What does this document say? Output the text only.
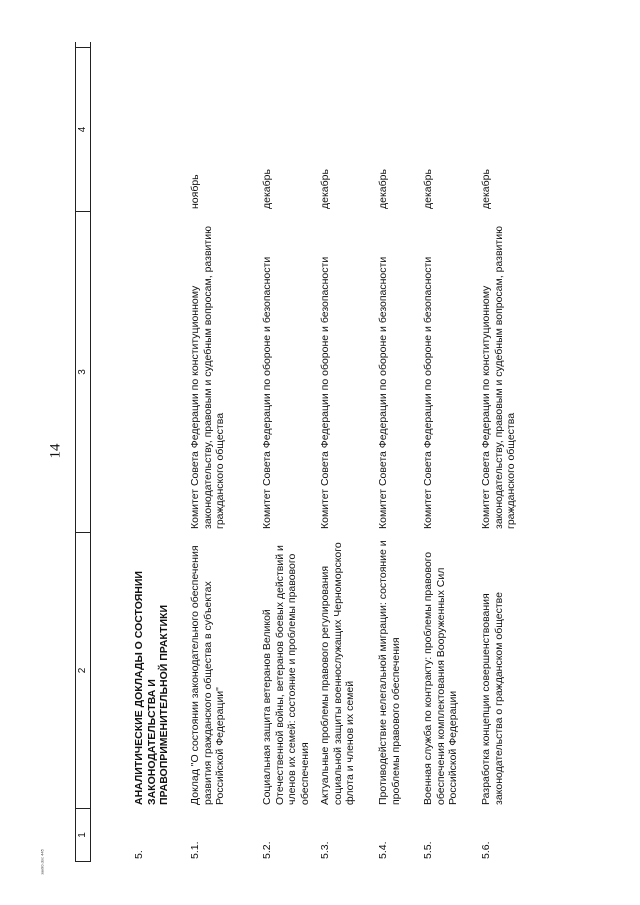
14
зак90.doc 445
1
2
3
4
5.
АНАЛИТИЧЕСКИЕ ДОКЛАДЫ О СОСТОЯНИИ ЗАКОНОДАТЕЛЬСТВА И ПРАВОПРИМЕНИТЕЛЬНОЙ ПРАКТИКИ
5.1.
Доклад "О состоянии законодательного обеспечения развития гражданского общества в субъектах Российской Федерации"
Комитет Совета Федерации по конституционному законодательству, правовым и судебным вопросам, развитию гражданского общества
ноябрь
5.2.
Социальная защита ветеранов Великой Отечественной войны, ветеранов боевых действий и членов их семей: состояние и проблемы правового обеспечения
Комитет Совета Федерации по обороне и безопасности
декабрь
5.3.
Актуальные проблемы правового регулирования социальной защиты военнослужащих Черноморского флота и членов их семей
Комитет Совета Федерации по обороне и безопасности
декабрь
5.4.
Противодействие нелегальной миграции: состояние и проблемы правового обеспечения
Комитет Совета Федерации по обороне и безопасности
декабрь
5.5.
Военная служба по контракту: проблемы правового обеспечения комплектования Вооруженных Сил Российской Федерации
Комитет Совета Федерации по обороне и безопасности
декабрь
5.6.
Разработка концепции совершенствования законодательства о гражданском обществе
Комитет Совета Федерации по конституционному законодательству, правовым и судебным вопросам, развитию гражданского общества
декабрь
